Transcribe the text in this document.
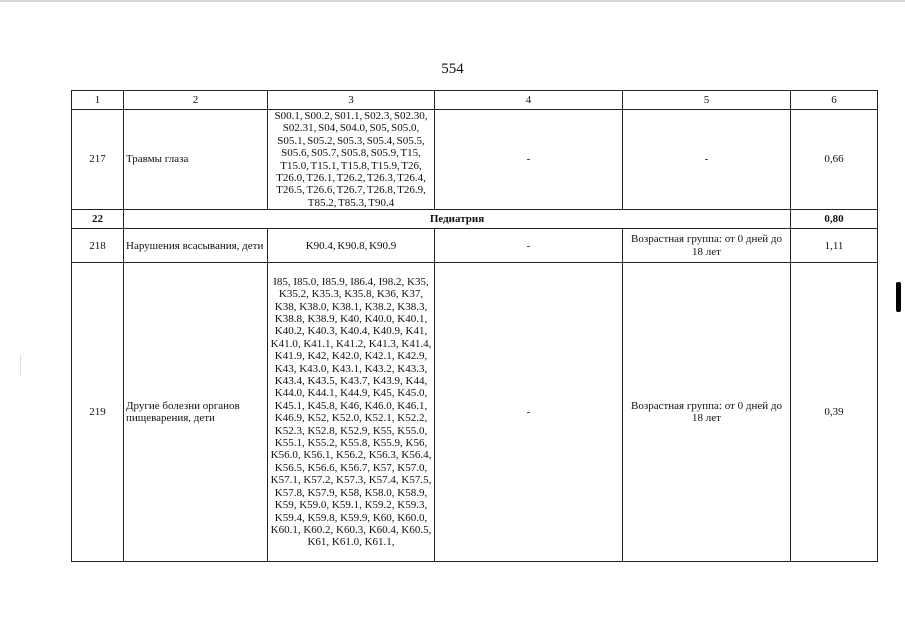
554
1	2	3	4	5	6
217	Травмы глаза	S00.1, S00.2, S01.1, S02.3, S02.30, S02.31, S04, S04.0, S05, S05.0, S05.1, S05.2, S05.3, S05.4, S05.5, S05.6, S05.7, S05.8, S05.9, T15, T15.0, T15.1, T15.8, T15.9, T26, T26.0, T26.1, T26.2, T26.3, T26.4, T26.5, T26.6, T26.7, T26.8, T26.9, T85.2, T85.3, T90.4	-	-	0,66
22	Педиатрия				0,80
218	Нарушения всасывания, дети	K90.4, K90.8, K90.9	-	Возрастная группа: от 0 дней до 18 лет	1,11
219	Другие болезни органов пищеварения, дети	I85, I85.0, I85.9, I86.4, I98.2, K35, K35.2, K35.3, K35.8, K36, K37, K38, K38.0, K38.1, K38.2, K38.3, K38.8, K38.9, K40, K40.0, K40.1, K40.2, K40.3, K40.4, K40.9, K41, K41.0, K41.1, K41.2, K41.3, K41.4, K41.9, K42, K42.0, K42.1, K42.9, K43, K43.0, K43.1, K43.2, K43.3, K43.4, K43.5, K43.7, K43.9, K44, K44.0, K44.1, K44.9, K45, K45.0, K45.1, K45.8, K46, K46.0, K46.1, K46.9, K52, K52.0, K52.1, K52.2, K52.3, K52.8, K52.9, K55, K55.0, K55.1, K55.2, K55.8, K55.9, K56, K56.0, K56.1, K56.2, K56.3, K56.4, K56.5, K56.6, K56.7, K57, K57.0, K57.1, K57.2, K57.3, K57.4, K57.5, K57.8, K57.9, K58, K58.0, K58.9, K59, K59.0, K59.1, K59.2, K59.3, K59.4, K59.8, K59.9, K60, K60.0, K60.1, K60.2, K60.3, K60.4, K60.5, K61, K61.0, K61.1,	-	Возрастная группа: от 0 дней до 18 лет	0,39
